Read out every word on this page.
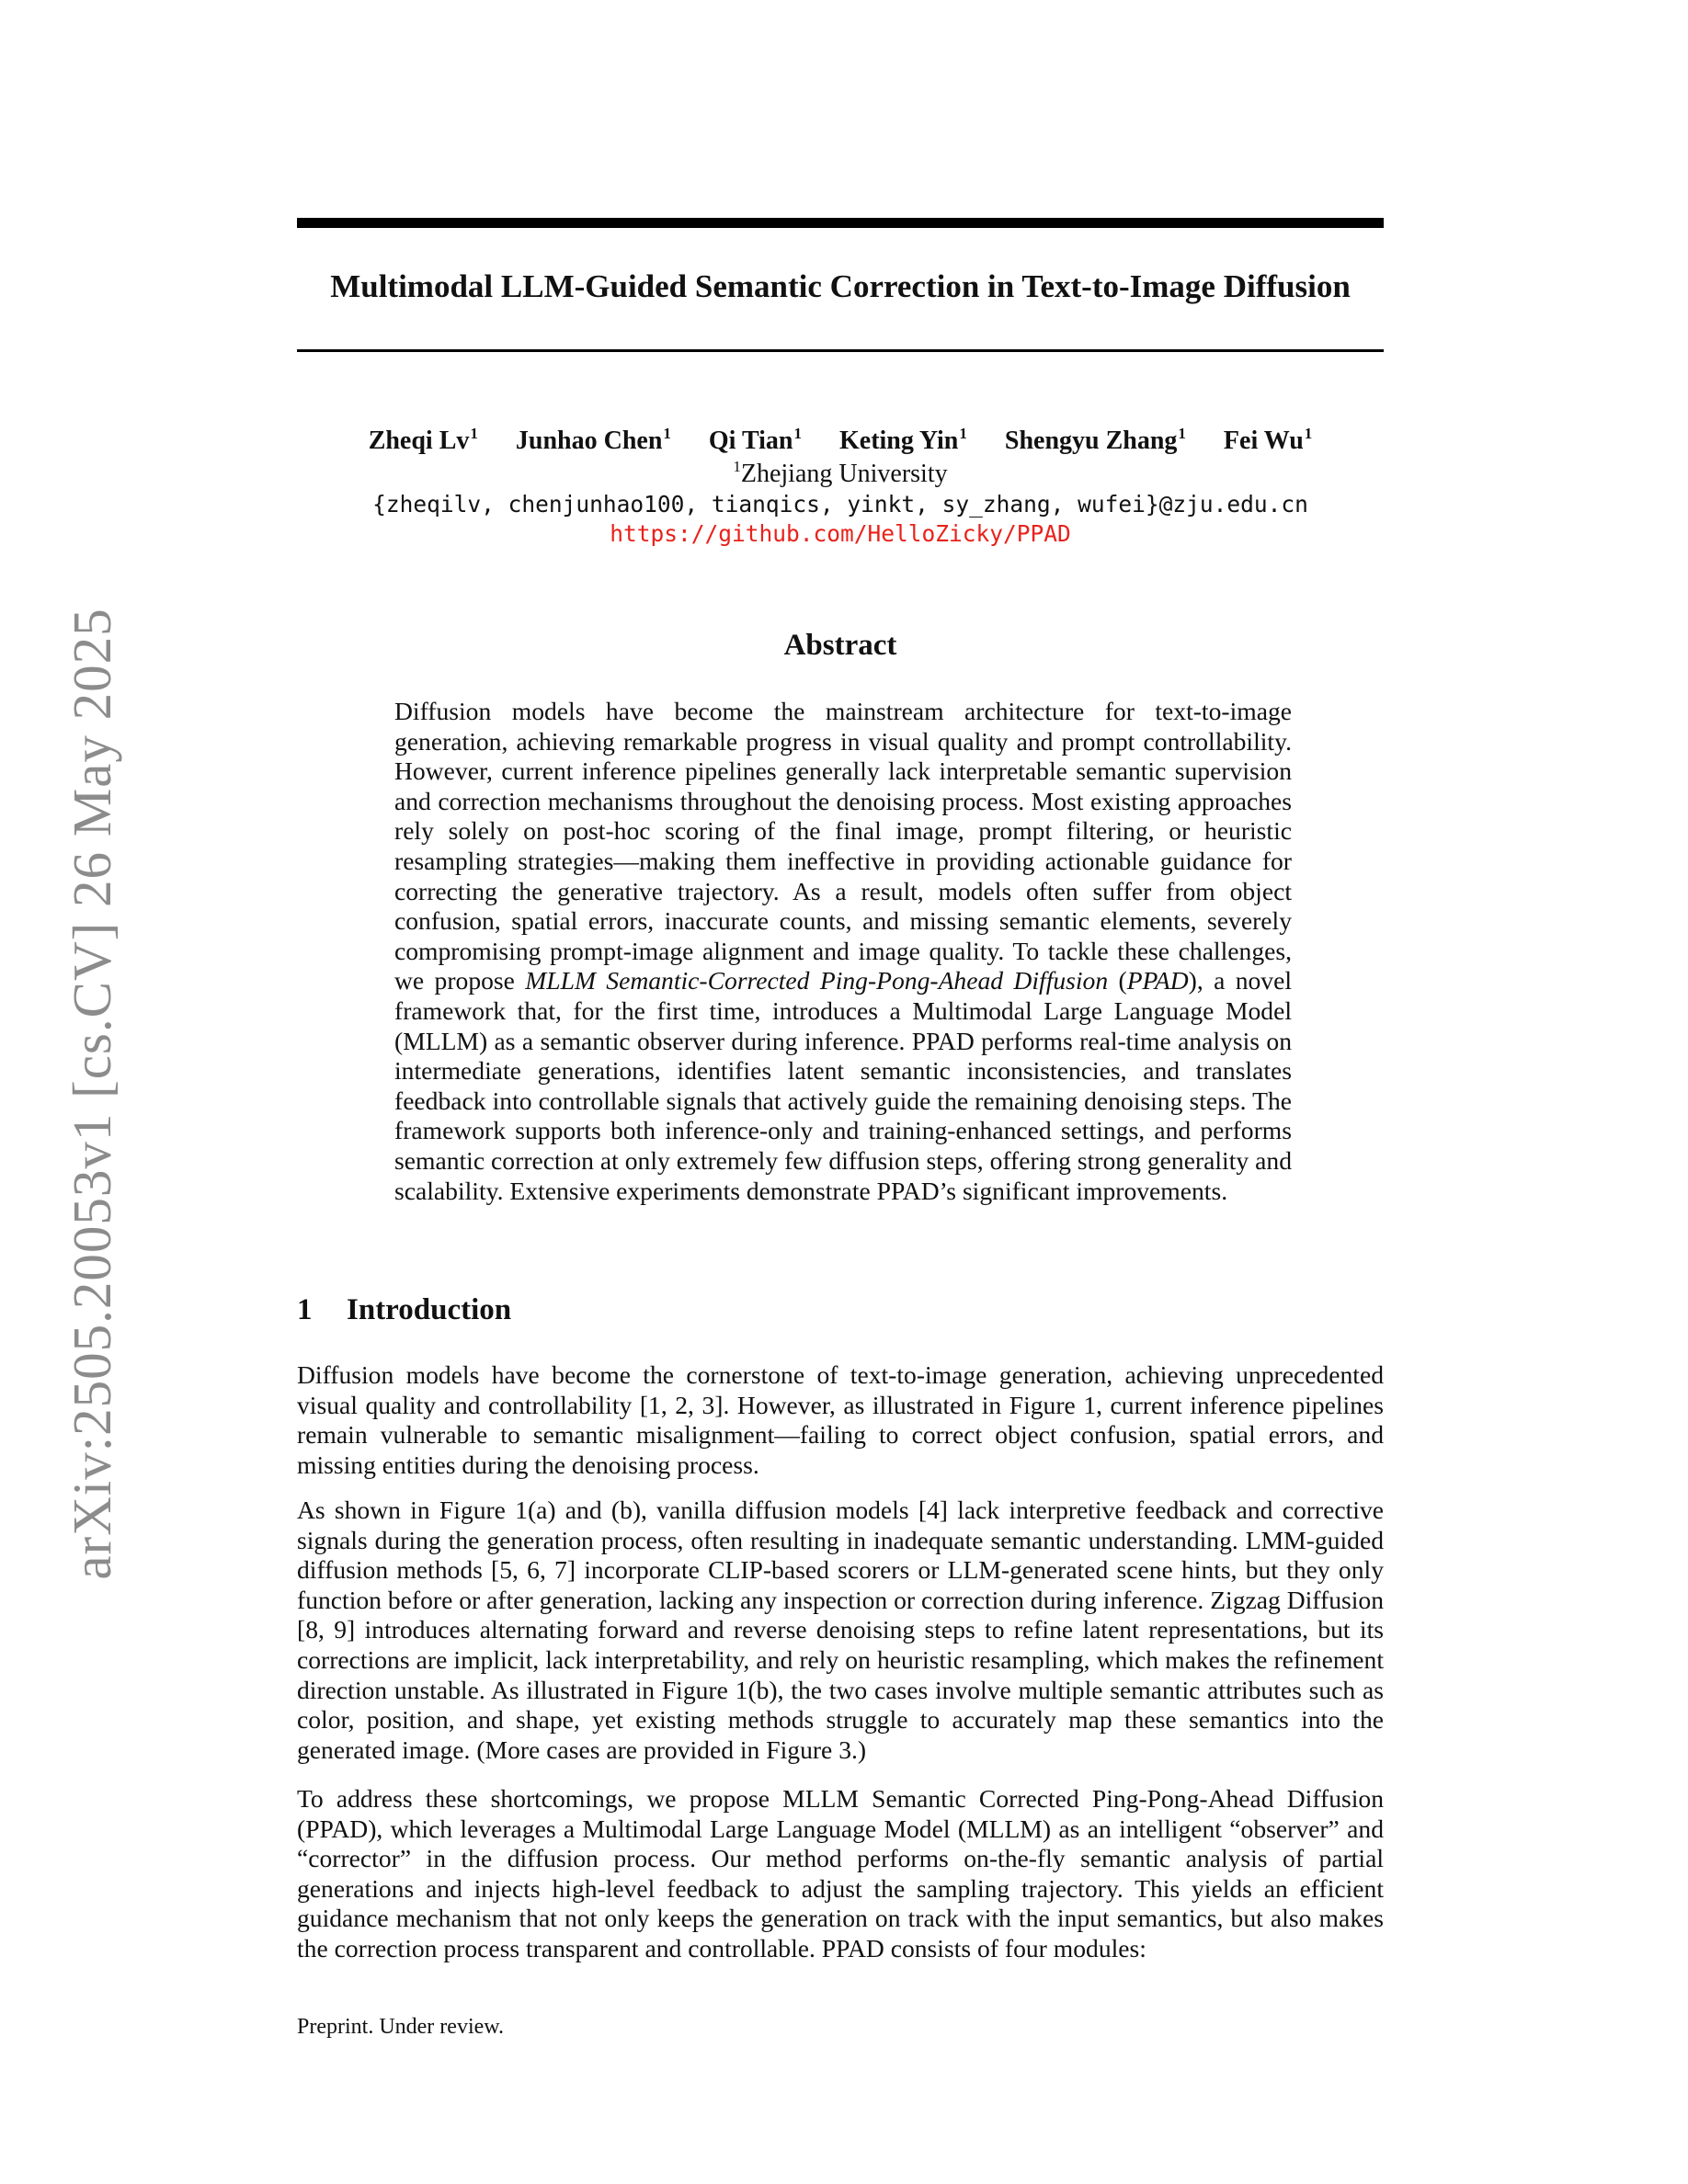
arXiv:2505.20053v1 [cs.CV] 26 May 2025
Multimodal LLM-Guided Semantic Correction in Text-to-Image Diffusion
Zheqi Lv$^1$ Junhao Chen$^1$ Qi Tian$^1$ Keting Yin$^1$ Shengyu Zhang$^1$ Fei Wu$^1$
$^1$Zhejiang University
{zheqilv, chenjunhao100, tianqics, yinkt, sy_zhang, wufei}@zju.edu.cn
https://github.com/HelloZicky/PPAD
Abstract

Diffusion models have become the mainstream architecture for text-to-image generation, achieving remarkable progress in visual quality and prompt controllability. However, current inference pipelines generally lack interpretable semantic supervision and correction mechanisms throughout the denoising process. Most existing approaches rely solely on post-hoc scoring of the final image, prompt filtering, or heuristic resampling strategies—making them ineffective in providing actionable guidance for correcting the generative trajectory. As a result, models often suffer from object confusion, spatial errors, inaccurate counts, and missing semantic elements, severely compromising prompt-image alignment and image quality. To tackle these challenges, we propose MLLM Semantic-Corrected Ping-Pong-Ahead Diffusion (PPAD), a novel framework that, for the first time, introduces a Multimodal Large Language Model (MLLM) as a semantic observer during inference. PPAD performs real-time analysis on intermediate generations, identifies latent semantic inconsistencies, and translates feedback into controllable signals that actively guide the remaining denoising steps. The framework supports both inference-only and training-enhanced settings, and performs semantic correction at only extremely few diffusion steps, offering strong generality and scalability. Extensive experiments demonstrate PPAD’s significant improvements.

1 Introduction

Diffusion models have become the cornerstone of text-to-image generation, achieving unprecedented visual quality and controllability [1, 2, 3]. However, as illustrated in Figure 1, current inference pipelines remain vulnerable to semantic misalignment—failing to correct object confusion, spatial errors, and missing entities during the denoising process.

As shown in Figure 1(a) and (b), vanilla diffusion models [4] lack interpretive feedback and corrective signals during the generation process, often resulting in inadequate semantic understanding. LMM-guided diffusion methods [5, 6, 7] incorporate CLIP-based scorers or LLM-generated scene hints, but they only function before or after generation, lacking any inspection or correction during inference. Zigzag Diffusion [8, 9] introduces alternating forward and reverse denoising steps to refine latent representations, but its corrections are implicit, lack interpretability, and rely on heuristic resampling, which makes the refinement direction unstable. As illustrated in Figure 1(b), the two cases involve multiple semantic attributes such as color, position, and shape, yet existing methods struggle to accurately map these semantics into the generated image. (More cases are provided in Figure 3.)

To address these shortcomings, we propose MLLM Semantic Corrected Ping-Pong-Ahead Diffusion (PPAD), which leverages a Multimodal Large Language Model (MLLM) as an intelligent “observer” and “corrector” in the diffusion process. Our method performs on-the-fly semantic analysis of partial generations and injects high-level feedback to adjust the sampling trajectory. This yields an efficient guidance mechanism that not only keeps the generation on track with the input semantics, but also makes the correction process transparent and controllable. PPAD consists of four modules:

Preprint. Under review.
